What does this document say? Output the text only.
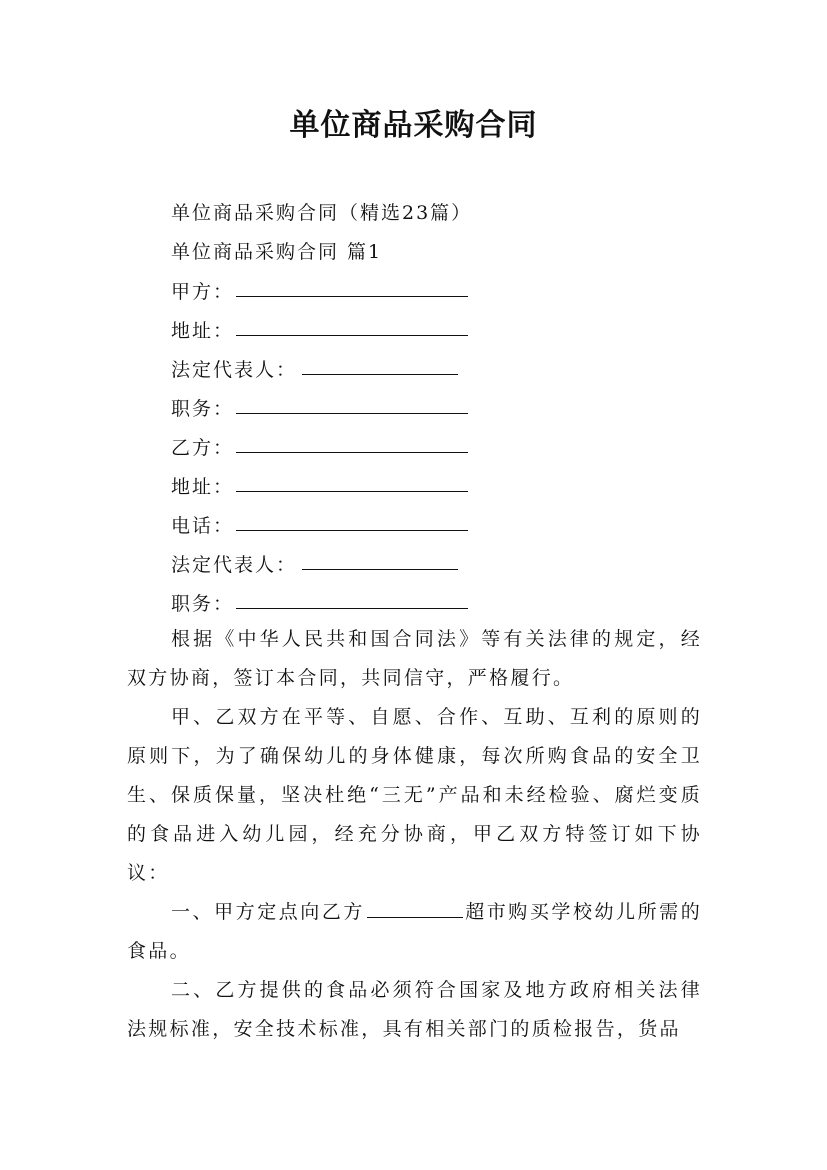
单位商品采购合同
单位商品采购合同（精选23篇）
单位商品采购合同 篇1
甲方：
地址：
法定代表人：
职务：
乙方：
地址：
电话：
法定代表人：
职务：
根据《中华人民共和国合同法》等有关法律的规定，经双方协商，签订本合同，共同信守，严格履行。
甲、乙双方在平等、自愿、合作、互助、互利的原则的原则下，为了确保幼儿的身体健康，每次所购食品的安全卫生、保质保量，坚决杜绝“三无”产品和未经检验、腐烂变质的食品进入幼儿园，经充分协商，甲乙双方特签订如下协议：
一、甲方定点向乙方	超市购买学校幼儿所需的食品。
二、乙方提供的食品必须符合国家及地方政府相关法律法规标准，安全技术标准，具有相关部门的质检报告，货品
